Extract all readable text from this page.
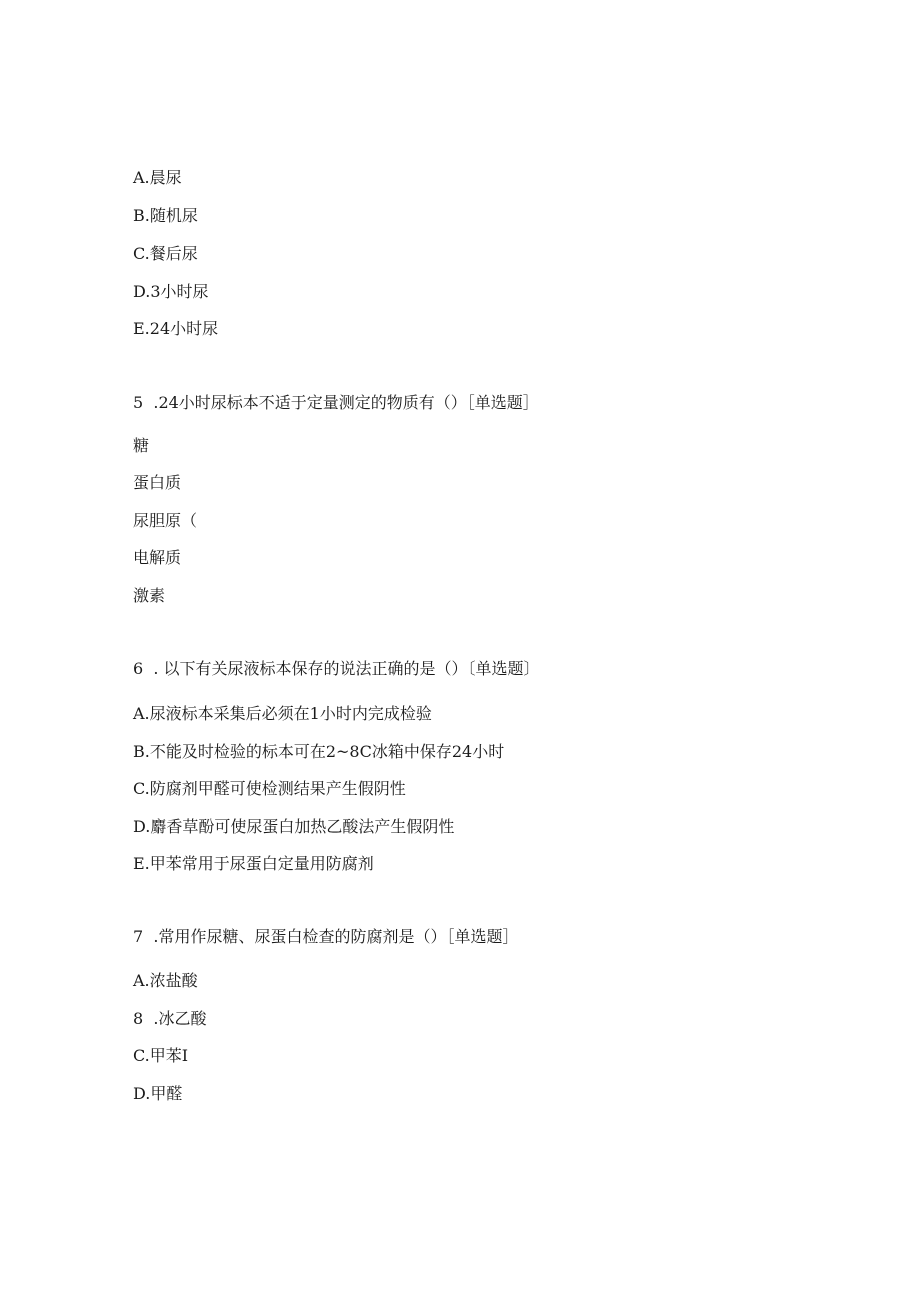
A.晨尿
B.随机尿
C.餐后尿
D.3小时尿
E.24小时尿
5  .24小时尿标本不适于定量测定的物质有（）［单选题］
糖
蛋白质
尿胆原（
电解质
激素
6  . 以下有关尿液标本保存的说法正确的是（）〔单选题〕
A.尿液标本采集后必须在1小时内完成检验
B.不能及时检验的标本可在2~8C冰箱中保存24小时
C.防腐剂甲醛可使检测结果产生假阴性
D.麝香草酚可使尿蛋白加热乙酸法产生假阴性
E.甲苯常用于尿蛋白定量用防腐剂
7  .常用作尿糖、尿蛋白检查的防腐剂是（）［单选题］
A.浓盐酸
8  .冰乙酸
C.甲苯I
D.甲醛
